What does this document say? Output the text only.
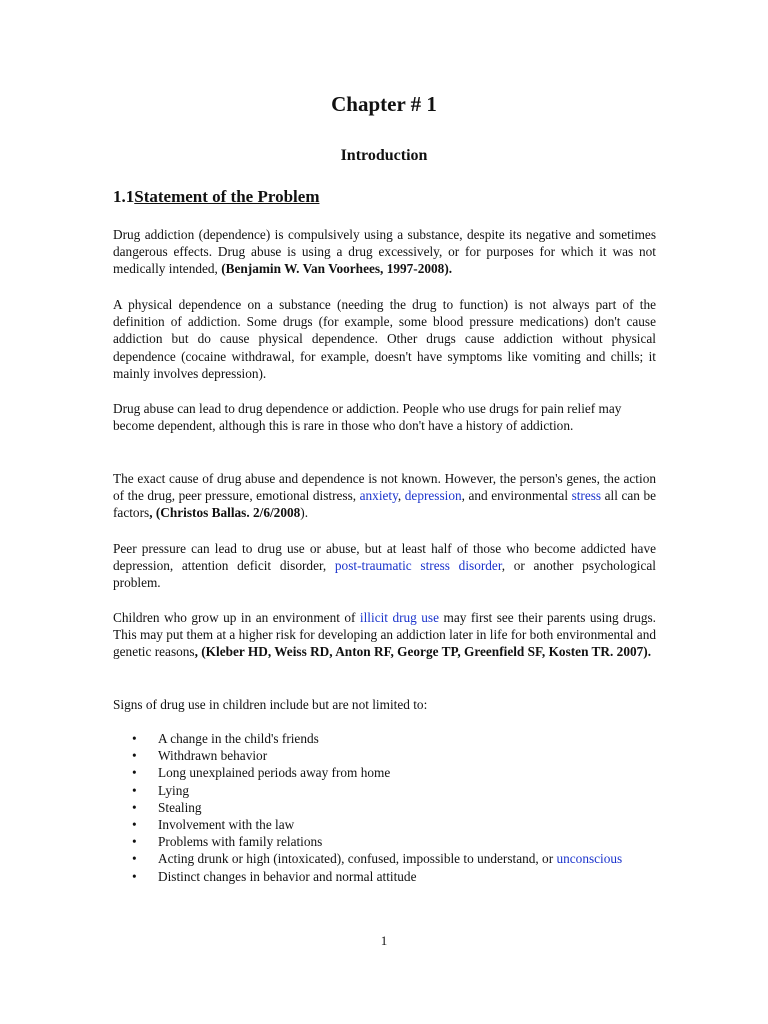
Chapter # 1
Introduction
1.1Statement of the Problem

Drug addiction (dependence) is compulsively using a substance, despite its negative and sometimes dangerous effects. Drug abuse is using a drug excessively, or for purposes for which it was not medically intended, (Benjamin W. Van Voorhees, 1997-2008).

A physical dependence on a substance (needing the drug to function) is not always part of the definition of addiction. Some drugs (for example, some blood pressure medications) don't cause addiction but do cause physical dependence. Other drugs cause addiction without physical dependence (cocaine withdrawal, for example, doesn't have symptoms like vomiting and chills; it mainly involves depression).

Drug abuse can lead to drug dependence or addiction. People who use drugs for pain relief may become dependent, although this is rare in those who don't have a history of addiction.

The exact cause of drug abuse and dependence is not known. However, the person's genes, the action of the drug, peer pressure, emotional distress, anxiety, depression, and environmental stress all can be factors, (Christos Ballas. 2/6/2008).

Peer pressure can lead to drug use or abuse, but at least half of those who become addicted have depression, attention deficit disorder, post-traumatic stress disorder, or another psychological problem.

Children who grow up in an environment of illicit drug use may first see their parents using drugs. This may put them at a higher risk for developing an addiction later in life for both environmental and genetic reasons, (Kleber HD, Weiss RD, Anton RF, George TP, Greenfield SF, Kosten TR. 2007).

Signs of drug use in children include but are not limited to:

• A change in the child's friends
• Withdrawn behavior
• Long unexplained periods away from home
• Lying
• Stealing
• Involvement with the law
• Problems with family relations
• Acting drunk or high (intoxicated), confused, impossible to understand, or unconscious
• Distinct changes in behavior and normal attitude
1
